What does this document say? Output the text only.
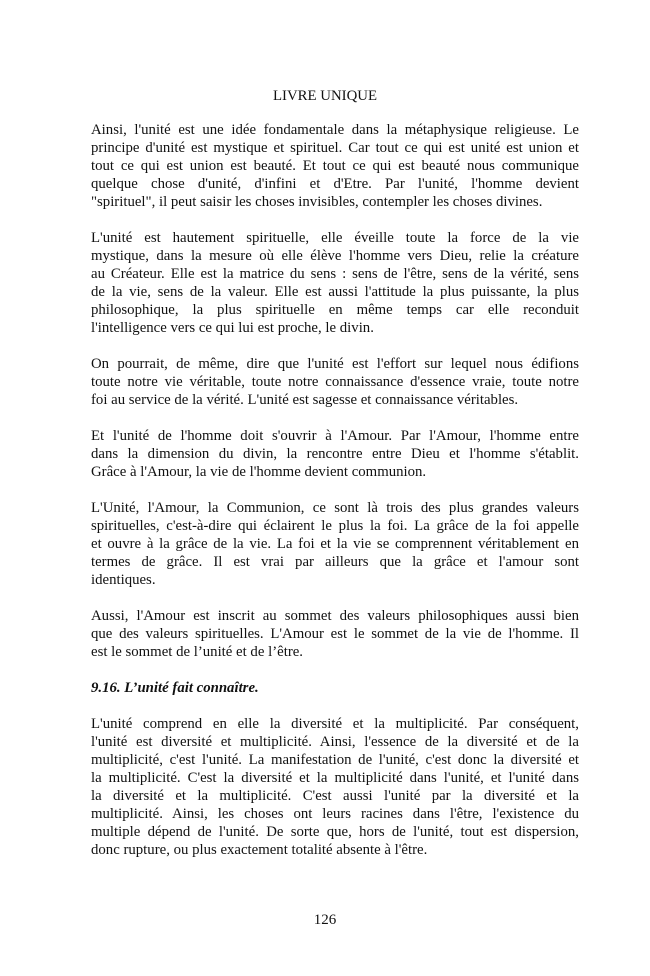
LIVRE UNIQUE
Ainsi, l'unité est une idée fondamentale dans la métaphysique religieuse. Le
principe d'unité est mystique et spirituel. Car tout ce qui est unité est union et
tout ce qui est union est beauté. Et tout ce qui est beauté nous communique
quelque chose d'unité, d'infini et d'Etre. Par l'unité, l'homme devient
"spirituel", il peut saisir les choses invisibles, contempler les choses divines.
L'unité est hautement spirituelle, elle éveille toute la force de la vie
mystique, dans la mesure où elle élève l'homme vers Dieu, relie la créature
au Créateur. Elle est la matrice du sens : sens de l'être, sens de la vérité, sens
de la vie, sens de la valeur. Elle est aussi l'attitude la plus puissante, la plus
philosophique, la plus spirituelle en même temps car elle reconduit
l'intelligence vers ce qui lui est proche, le divin.
On pourrait, de même, dire que l'unité est l'effort sur lequel nous édifions
toute notre vie véritable, toute notre connaissance d'essence vraie, toute notre
foi au service de la vérité. L'unité est sagesse et connaissance véritables.
Et l'unité de l'homme doit s'ouvrir à l'Amour. Par l'Amour, l'homme entre
dans la dimension du divin, la rencontre entre Dieu et l'homme s'établit.
Grâce à l'Amour, la vie de l'homme devient communion.
L'Unité, l'Amour, la Communion, ce sont là trois des plus grandes valeurs
spirituelles, c'est-à-dire qui éclairent le plus la foi. La grâce de la foi appelle
et ouvre à la grâce de la vie. La foi et la vie se comprennent véritablement en
termes de grâce. Il est vrai par ailleurs que la grâce et l'amour sont
identiques.
Aussi, l'Amour est inscrit au sommet des valeurs philosophiques aussi bien
que des valeurs spirituelles. L'Amour est le sommet de la vie de l'homme. Il
est le sommet de l’unité et de l’être.
9.16. L’unité fait connaître.
L'unité comprend en elle la diversité et la multiplicité. Par conséquent,
l'unité est diversité et multiplicité. Ainsi, l'essence de la diversité et de la
multiplicité, c'est l'unité. La manifestation de l'unité, c'est donc la diversité et
la multiplicité. C'est la diversité et la multiplicité dans l'unité, et l'unité dans
la diversité et la multiplicité. C'est aussi l'unité par la diversité et la
multiplicité. Ainsi, les choses ont leurs racines dans l'être, l'existence du
multiple dépend de l'unité. De sorte que, hors de l'unité, tout est dispersion,
donc rupture, ou plus exactement totalité absente à l'être.
126
